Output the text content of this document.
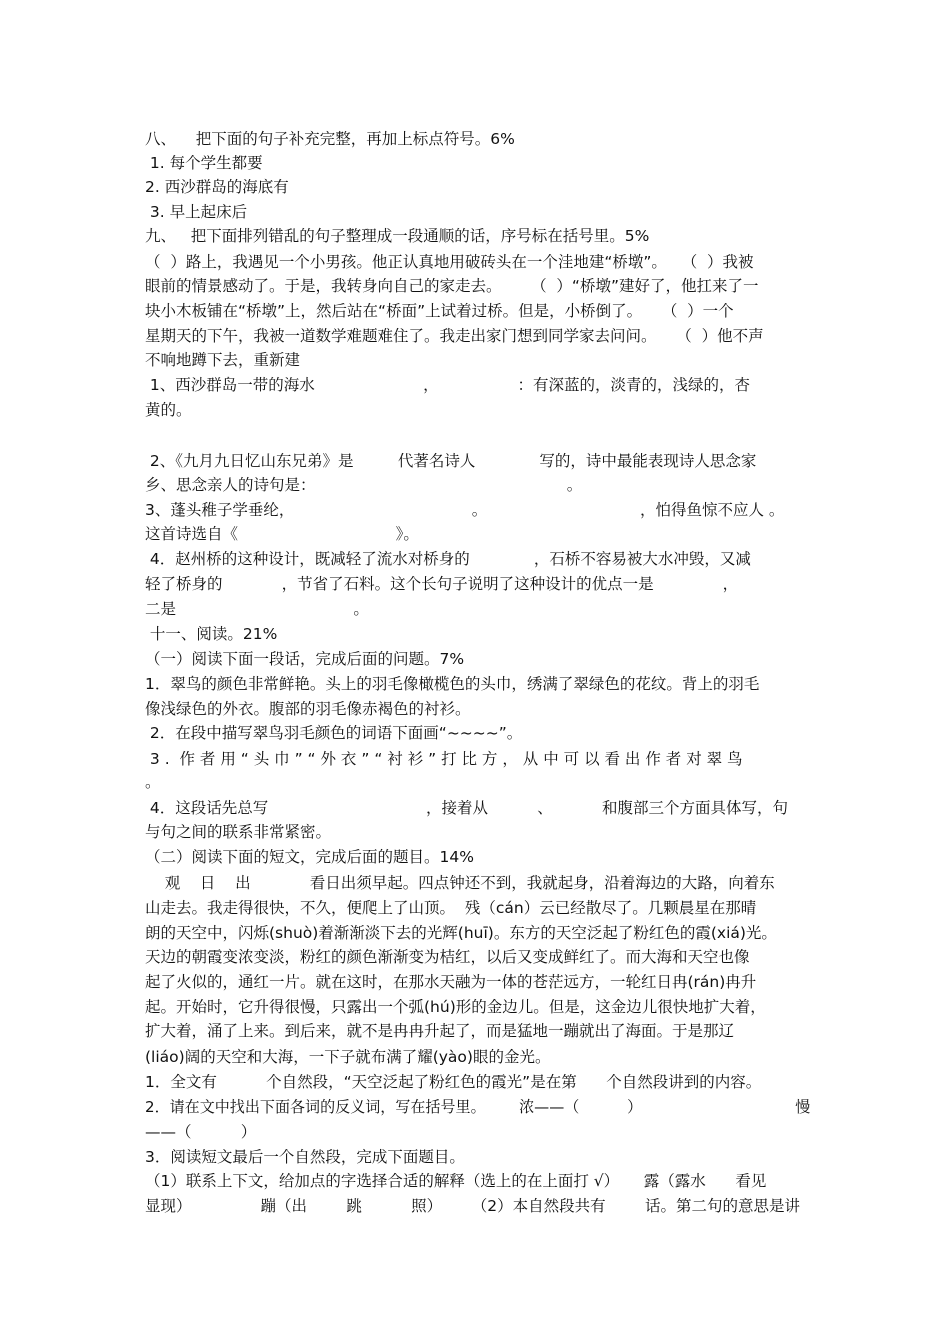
八、    把下面的句子补充完整，再加上标点符号。6%
1. 每个学生都要
2. 西沙群岛的海底有
3. 早上起床后
九、   把下面排列错乱的句子整理成一段通顺的话，序号标在括号里。5%
（  ）路上，我遇见一个小男孩。他正认真地用破砖头在一个洼地建“桥墩”。   （  ）我被
眼前的情景感动了。于是，我转身向自己的家走去。      （  ）“桥墩”建好了，他扛来了一
块小木板铺在“桥墩”上，然后站在“桥面”上试着过桥。但是，小桥倒了。    （  ）一个
星期天的下午，我被一道数学难题难住了。我走出家门想到同学家去问问。    （  ）他不声
不响地蹲下去，重新建
1、西沙群岛一带的海水                      ，                ：有深蓝的，淡青的，浅绿的，杏
黄的。
2、《九月九日忆山东兄弟》是         代著名诗人             写的，诗中最能表现诗人思念家
乡、思念亲人的诗句是：                                                   。
3、蓬头稚子学垂纶，                                    。                               ，怕得鱼惊不应人 。
这首诗选自《                                》。
4．赵州桥的这种设计，既减轻了流水对桥身的             ，石桥不容易被大水冲毁，又减
轻了桥身的            ，节省了石料。这个长句子说明了这种设计的优点一是              ，
二是                                    。
十一、阅读。21%
（一）阅读下面一段话，完成后面的问题。7%
1．翠鸟的颜色非常鲜艳。头上的羽毛像橄榄色的头巾，绣满了翠绿色的花纹。背上的羽毛
像浅绿色的外衣。腹部的羽毛像赤褐色的衬衫。
2．在段中描写翠鸟羽毛颜色的词语下面画“~~~~”。
3 .  作 者 用 “ 头 巾 ” “ 外 衣 ” “ 衬 衫 ” 打 比 方 ， 从 中 可 以 看 出 作 者 对 翠 鸟
。
4．这段话先总写                                ，接着从          、          和腹部三个方面具体写，句
与句之间的联系非常紧密。
（二）阅读下面的短文，完成后面的题目。14%
观    日    出            看日出须早起。四点钟还不到，我就起身，沿着海边的大路，向着东
山走去。我走得很快，不久，便爬上了山顶。  残（cán）云已经散尽了。几颗晨星在那晴
朗的天空中，闪烁(shuò)着渐渐淡下去的光辉(huī)。东方的天空泛起了粉红色的霞(xiá)光。
天边的朝霞变浓变淡，粉红的颜色渐渐变为桔红，以后又变成鲜红了。而大海和天空也像
起了火似的，通红一片。就在这时，在那水天融为一体的苍茫远方，一轮红日冉(rán)冉升
起。开始时，它升得很慢，只露出一个弧(hú)形的金边儿。但是，这金边儿很快地扩大着，
扩大着，涌了上来。到后来，就不是冉冉升起了，而是猛地一蹦就出了海面。于是那辽
(liáo)阔的天空和大海，一下子就布满了耀(yào)眼的金光。
1．全文有          个自然段，“天空泛起了粉红色的霞光”是在第      个自然段讲到的内容。
2．请在文中找出下面各词的反义词，写在括号里。       浓——（          ）                                慢
——（          ）
3．阅读短文最后一个自然段，完成下面题目。
（1）联系上下文，给加点的字选择合适的解释（选上的在上面打 √）     露（露水      看见
显现）              蹦（出        跳          照）      （2）本自然段共有        话。第二句的意思是讲
